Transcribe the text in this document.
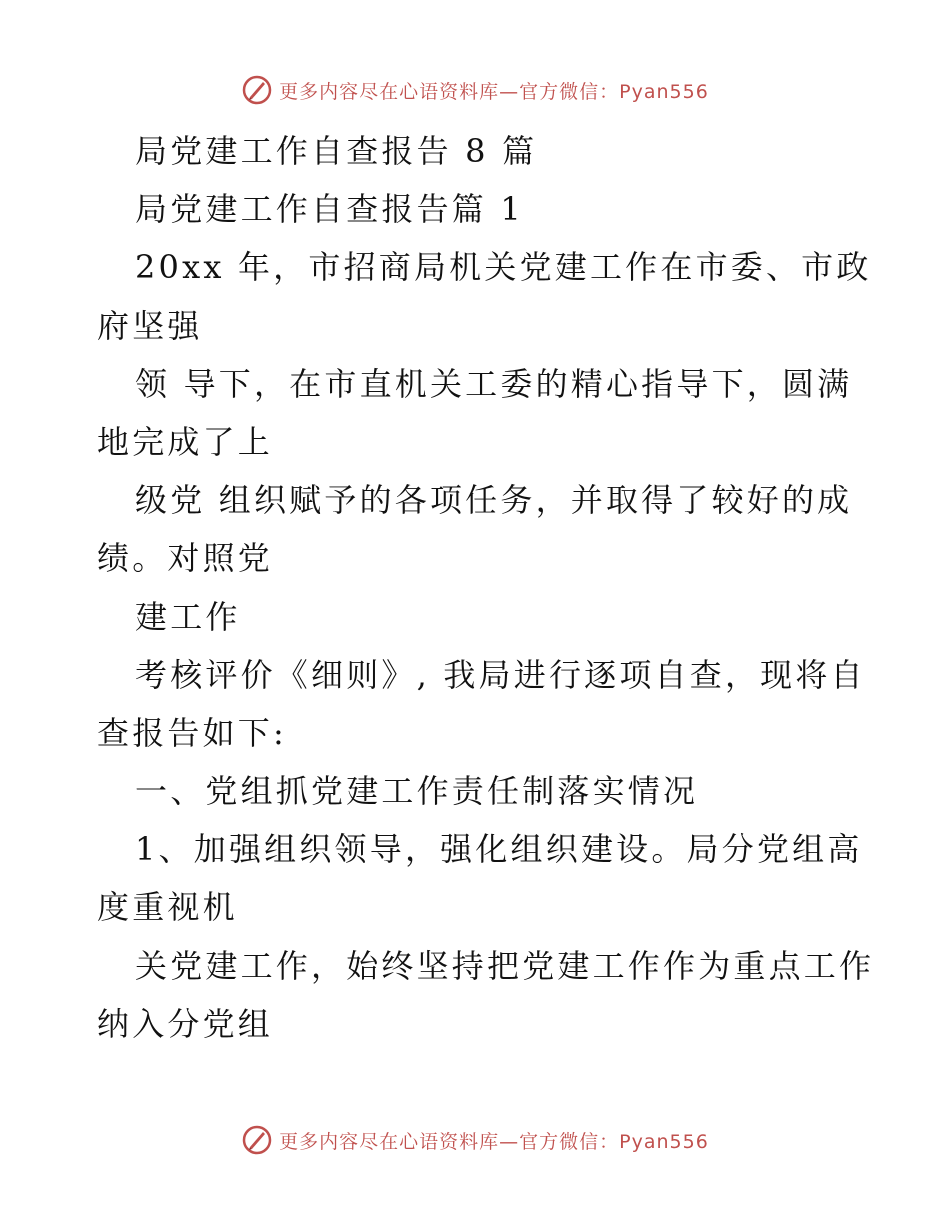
更多内容尽在心语资料库—官方微信：Pyan556
局党建工作自查报告 8 篇
局党建工作自查报告篇 1
20xx 年，市招商局机关党建工作在市委、市政
府坚强
领 导下，在市直机关工委的精心指导下，圆满
地完成了上
级党 组织赋予的各项任务，并取得了较好的成
绩。对照党
建工作
考核评价《细则》, 我局进行逐项自查，现将自
查报告如下:
一、党组抓党建工作责任制落实情况
1、加强组织领导，强化组织建设。局分党组高
度重视机
关党建工作，始终坚持把党建工作作为重点工作
纳入分党组
更多内容尽在心语资料库—官方微信：Pyan556
